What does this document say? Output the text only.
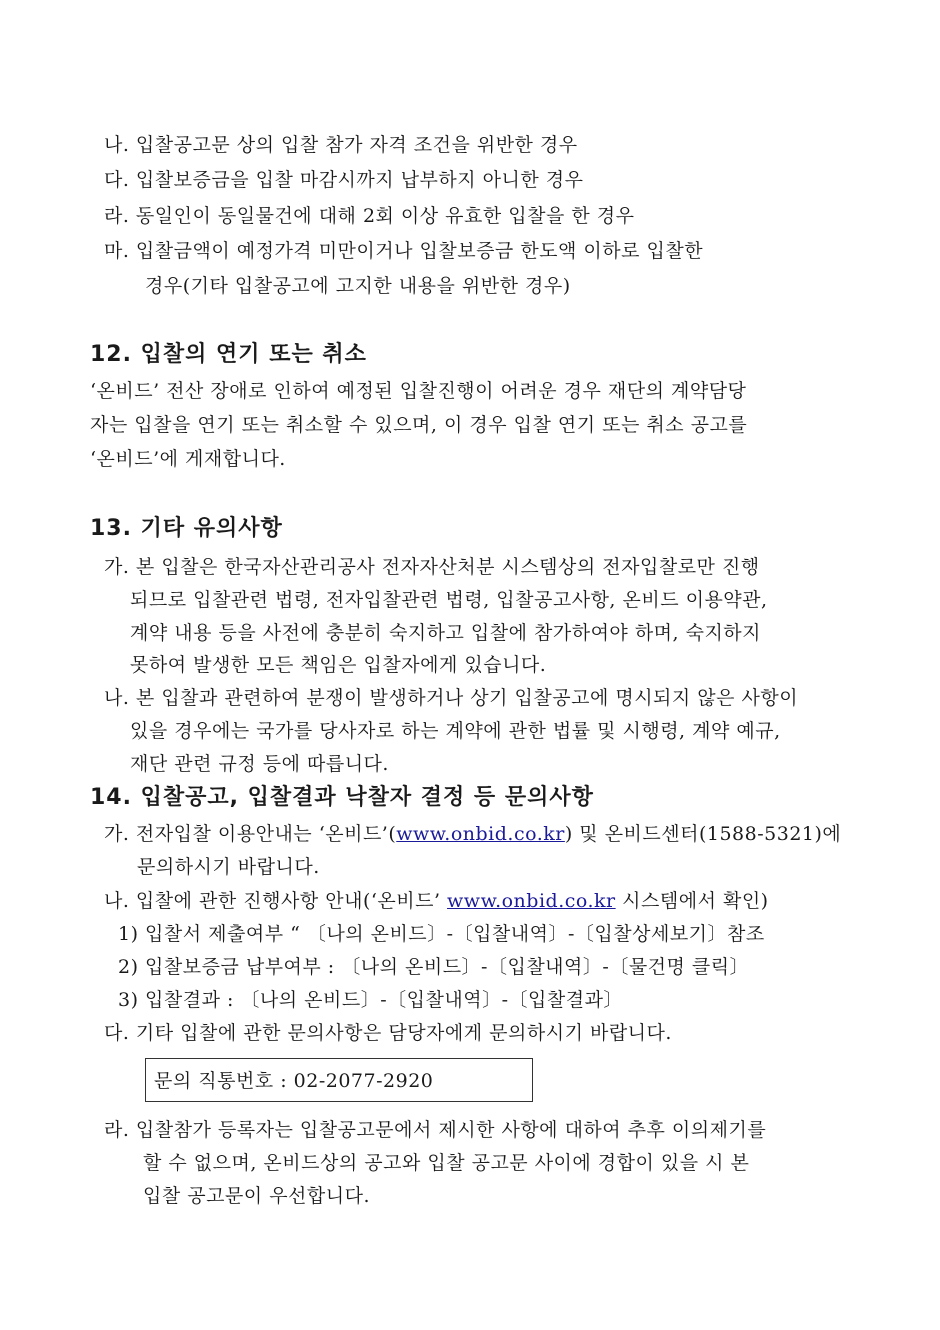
나. 입찰공고문 상의 입찰 참가 자격 조건을 위반한 경우
다. 입찰보증금을 입찰 마감시까지 납부하지 아니한 경우
라. 동일인이 동일물건에 대해 2회 이상 유효한 입찰을 한 경우
마. 입찰금액이 예정가격 미만이거나 입찰보증금 한도액 이하로 입찰한
경우(기타 입찰공고에 고지한 내용을 위반한 경우)
12. 입찰의 연기 또는 취소
‘온비드’ 전산 장애로 인하여 예정된 입찰진행이 어려운 경우 재단의 계약담당
자는 입찰을 연기 또는 취소할 수 있으며, 이 경우 입찰 연기 또는 취소 공고를
‘온비드’에 게재합니다.
13. 기타 유의사항
가. 본 입찰은 한국자산관리공사 전자자산처분 시스템상의 전자입찰로만 진행
되므로 입찰관련 법령, 전자입찰관련 법령, 입찰공고사항, 온비드 이용약관,
계약 내용 등을 사전에 충분히 숙지하고 입찰에 참가하여야 하며, 숙지하지
못하여 발생한 모든 책임은 입찰자에게 있습니다.
나. 본 입찰과 관련하여 분쟁이 발생하거나 상기 입찰공고에 명시되지 않은 사항이
있을 경우에는 국가를 당사자로 하는 계약에 관한 법률 및 시행령, 계약 예규,
재단 관련 규정 등에 따릅니다.
14. 입찰공고, 입찰결과 낙찰자 결정 등 문의사항
가. 전자입찰 이용안내는 ‘온비드’(www.onbid.co.kr) 및 온비드센터(1588-5321)에
문의하시기 바랍니다.
나. 입찰에 관한 진행사항 안내(‘온비드’ www.onbid.co.kr 시스템에서 확인)
1) 입찰서 제출여부 “ 〔나의 온비드〕-〔입찰내역〕-〔입찰상세보기〕참조
2) 입찰보증금 납부여부 : 〔나의 온비드〕-〔입찰내역〕-〔물건명 클릭〕
3) 입찰결과 : 〔나의 온비드〕-〔입찰내역〕-〔입찰결과〕
다. 기타 입찰에 관한 문의사항은 담당자에게 문의하시기 바랍니다.
문의 직통번호 : 02-2077-2920
라. 입찰참가 등록자는 입찰공고문에서 제시한 사항에 대하여 추후 이의제기를
할 수 없으며, 온비드상의 공고와 입찰 공고문 사이에 경합이 있을 시 본
입찰 공고문이 우선합니다.
